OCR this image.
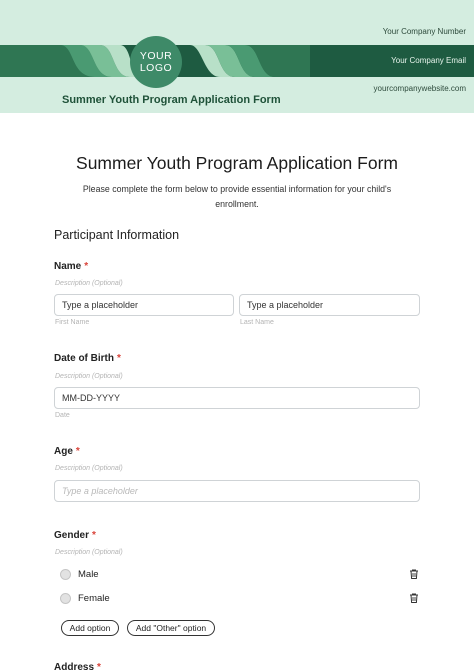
YOUR
LOGO
Your Company Number
Your Company Email
yourcompanywebsite.com
Summer Youth Program Application Form
Summer Youth Program Application Form
Please complete the form below to provide essential information for your child's enrollment.
Participant Information
Name *
Description (Optional)
Type a placeholder
First Name
Type a placeholder
Last Name
Date of Birth *
Description (Optional)
MM-DD-YYYY
Date
Age *
Description (Optional)
Type a placeholder
Gender *
Description (Optional)
Male
Female
Add option	Add "Other" option
Address *
